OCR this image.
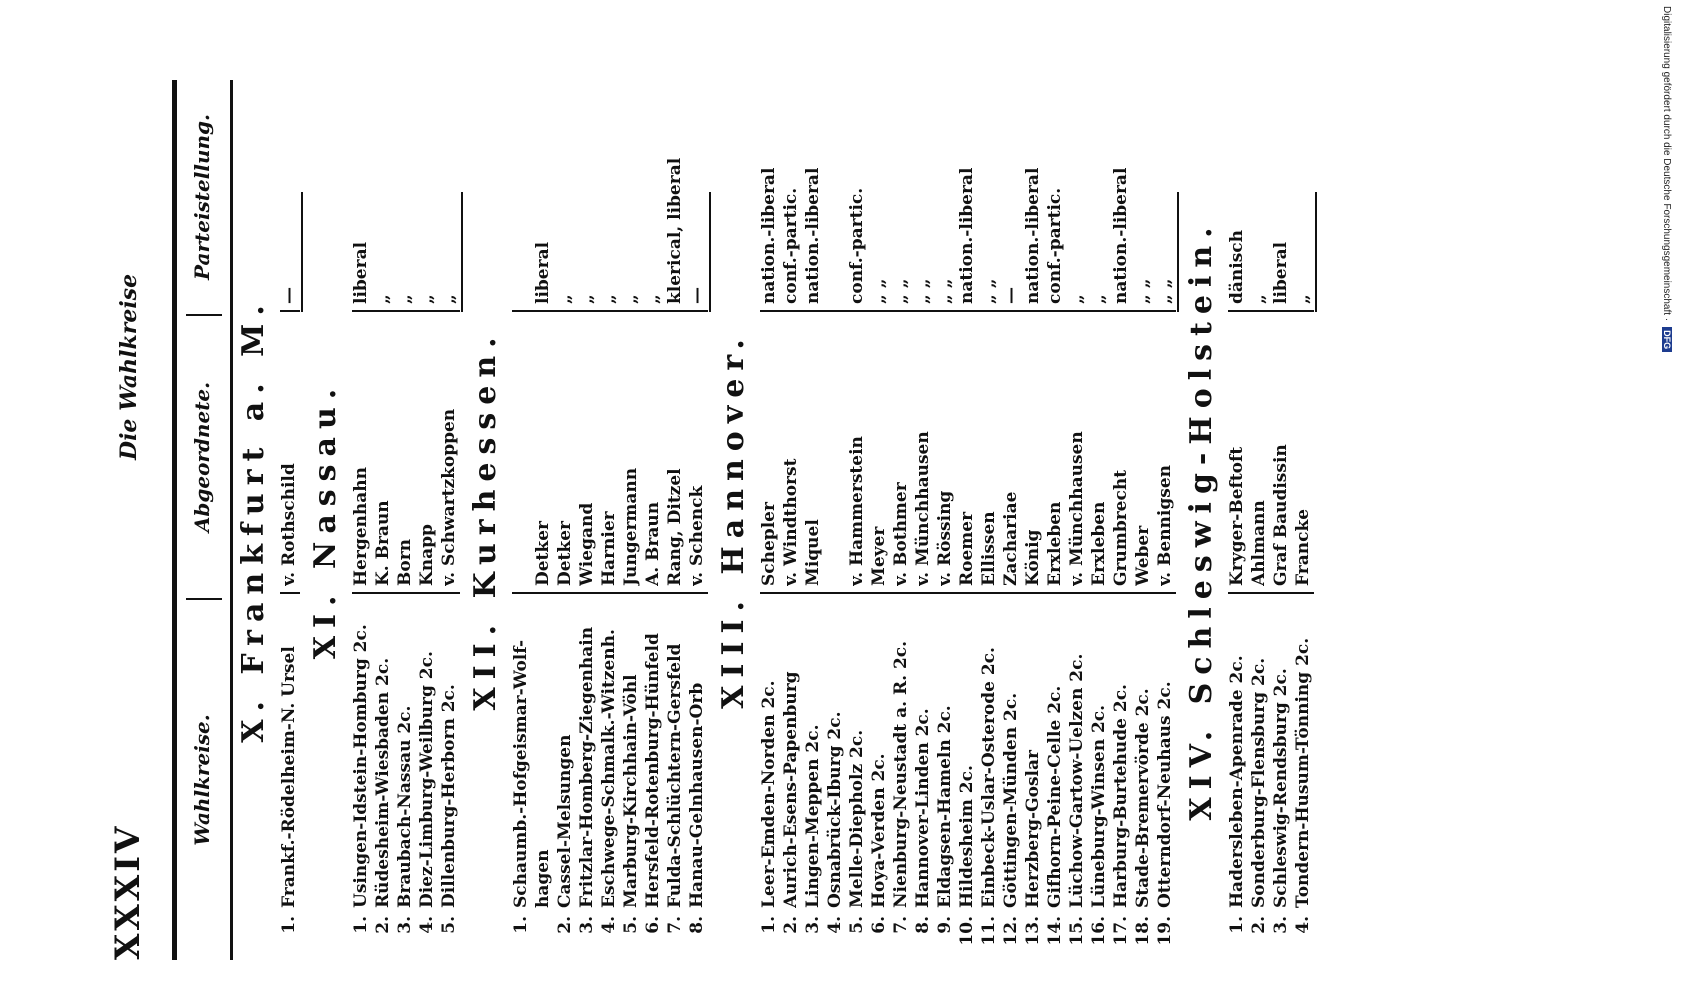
Digitalisierung gefördert durch die Deutsche Forschungsgemeinschaft ·DFG
XXXIV
Die Wahlkreise
Wahlkreise.
Abgeordnete.
Parteistellung.
X. Frankfurt a. M.
1.
Frankf.-Rödelheim-N. Ursel
v. Rothschild
—
XI. Nassau.
1.
Usingen-Idstein-Homburg 2c.
Hergenhahn
liberal
2.
Rüdesheim-Wiesbaden 2c.
K. Braun
„
3.
Braubach-Nassau 2c.
Born
„
4.
Diez-Limburg-Weilburg 2c.
Knapp
„
5.
Dillenburg-Herborn 2c.
v. Schwartzkoppen
„
XII. Kurhessen.
1.
Schaumb.-Hofgeismar-Wolf- hagen
Detker
liberal
2.
Cassel-Melsungen
Detker
„
3.
Fritzlar-Homberg-Ziegenhain
Wiegand
„
4.
Eschwege-Schmalk.-Witzenh.
Harnier
„
5.
Marburg-Kirchhain-Vöhl
Jungermann
„
6.
Hersfeld-Rotenburg-Hünfeld
A. Braun
„
7.
Fulda-Schlüchtern-Gersfeld
Rang, Ditzel
klerical, liberal
8.
Hanau-Gelnhausen-Orb
v. Schenck
—
XIII. Hannover.
1.
Leer-Emden-Norden 2c.
Schepler
nation.-liberal
2.
Aurich-Esens-Papenburg
v. Windthorst
conf.-partic.
3.
Lingen-Meppen 2c.
Miquel
nation.-liberal
4.
Osnabrück-Iburg 2c.
5.
Melle-Diepholz 2c.
v. Hammerstein
conf.-partic.
6.
Hoya-Verden 2c.
Meyer
„ „
7.
Nienburg-Neustadt a. R. 2c.
v. Bothmer
„ „
8.
Hannover-Linden 2c.
v. Münchhausen
„ „
9.
Eldagsen-Hameln 2c.
v. Rössing
„ „
10.
Hildesheim 2c.
Roemer
nation.-liberal
11.
Einbeck-Uslar-Osterode 2c.
Ellissen
„ „
12.
Göttingen-Münden 2c.
Zachariae
—
13.
Herzberg-Goslar
König
nation.-liberal
14.
Gifhorn-Peine-Celle 2c.
Erxleben
conf.-partic.
15.
Lüchow-Gartow-Uelzen 2c.
v. Münchhausen
„
16.
Lüneburg-Winsen 2c.
Erxleben
„
17.
Harburg-Burtehude 2c.
Grumbrecht
nation.-liberal
18.
Stade-Bremervörde 2c.
Weber
„ „
19.
Otterndorf-Neuhaus 2c.
v. Bennigsen
„ „ XIV. Schleswig-Holstein.
1.
Hadersleben-Apenrade 2c.
Kryger-Beftoft
dänisch
2.
Sonderburg-Flensburg 2c.
Ahlmann
„
3.
Schleswig-Rendsburg 2c.
Graf Baudissin
liberal
4.
Tondern-Husum-Tönning 2c.
Francke
„
